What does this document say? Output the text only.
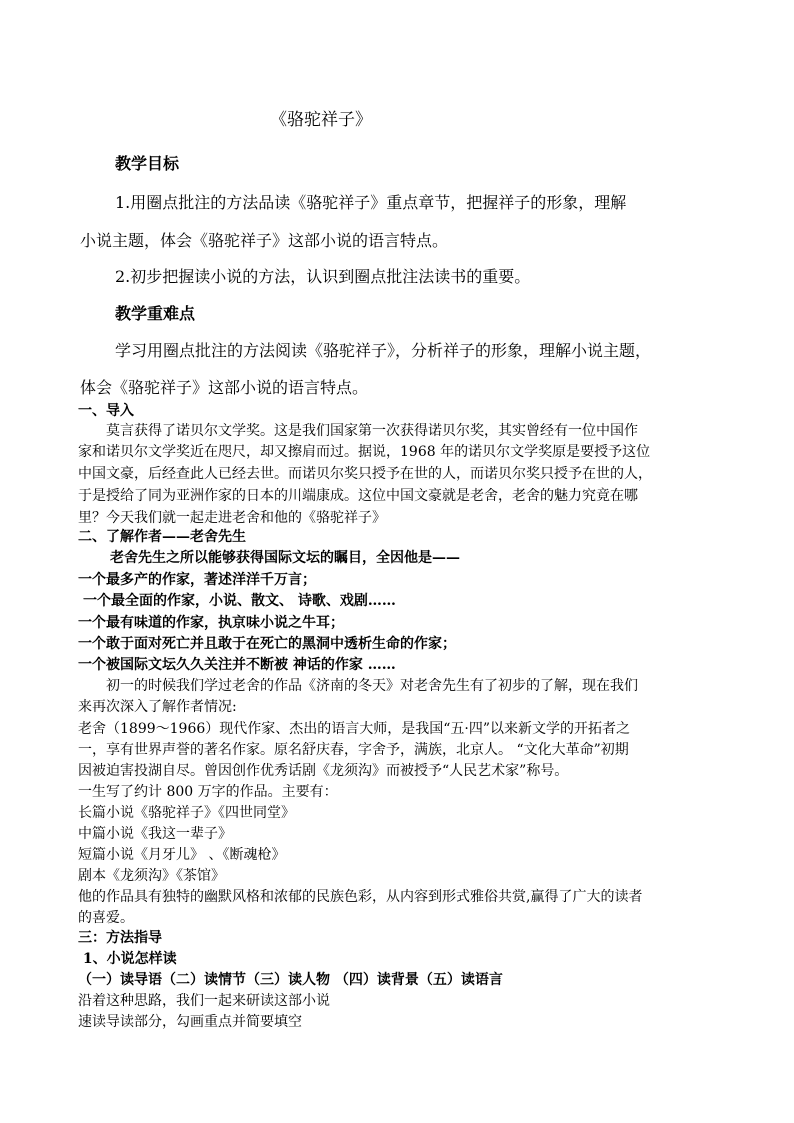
《骆驼祥子》

教学目标

1.用圈点批注的方法品读《骆驼祥子》重点章节，把握祥子的形象，理解

小说主题，体会《骆驼祥子》这部小说的语言特点。

2.初步把握读小说的方法，认识到圈点批注法读书的重要。

教学重难点

学习用圈点批注的方法阅读《骆驼祥子》，分析祥子的形象，理解小说主题，

体会《骆驼祥子》这部小说的语言特点。

一、导入

莫言获得了诺贝尔文学奖。这是我们国家第一次获得诺贝尔奖，其实曾经有一位中国作

家和诺贝尔文学奖近在咫尺，却又擦肩而过。据说，1968 年的诺贝尔文学奖原是要授予这位

中国文豪，后经查此人已经去世。而诺贝尔奖只授予在世的人，而诺贝尔奖只授予在世的人，

于是授给了同为亚洲作家的日本的川端康成。这位中国文豪就是老舍，老舍的魅力究竟在哪

里？今天我们就一起走进老舍和他的《骆驼祥子》

二、了解作者——老舍先生

老舍先生之所以能够获得国际文坛的瞩目，全因他是——

一个最多产的作家，著述洋洋千万言；

一个最全面的作家，小说、散文、 诗歌、戏剧……

一个最有味道的作家，执京味小说之牛耳；

一个敢于面对死亡并且敢于在死亡的黑洞中透析生命的作家；

一个被国际文坛久久关注并不断被 神话的作家 ……

初一的时候我们学过老舍的作品《济南的冬天》对老舍先生有了初步的了解，现在我们

来再次深入了解作者情况:

老舍（1899～1966）现代作家、杰出的语言大师，是我国“五·四”以来新文学的开拓者之

一，享有世界声誉的著名作家。原名舒庆春，字舍予，满族，北京人。 “文化大革命”初期

因被迫害投湖自尽。曾因创作优秀话剧《龙须沟》而被授予“人民艺术家”称号。

一生写了约计 800 万字的作品。主要有：

长篇小说《骆驼祥子》《四世同堂》

中篇小说《我这一辈子》

短篇小说《月牙儿》 、《断魂枪》

剧本《龙须沟》《茶馆》

他的作品具有独特的幽默风格和浓郁的民族色彩，从内容到形式雅俗共赏,赢得了广大的读者

的喜爱。

三：方法指导

1、小说怎样读

（一）读导语（二）读情节（三）读人物 （四）读背景（五）读语言

沿着这种思路，我们一起来研读这部小说

速读导读部分，勾画重点并简要填空
